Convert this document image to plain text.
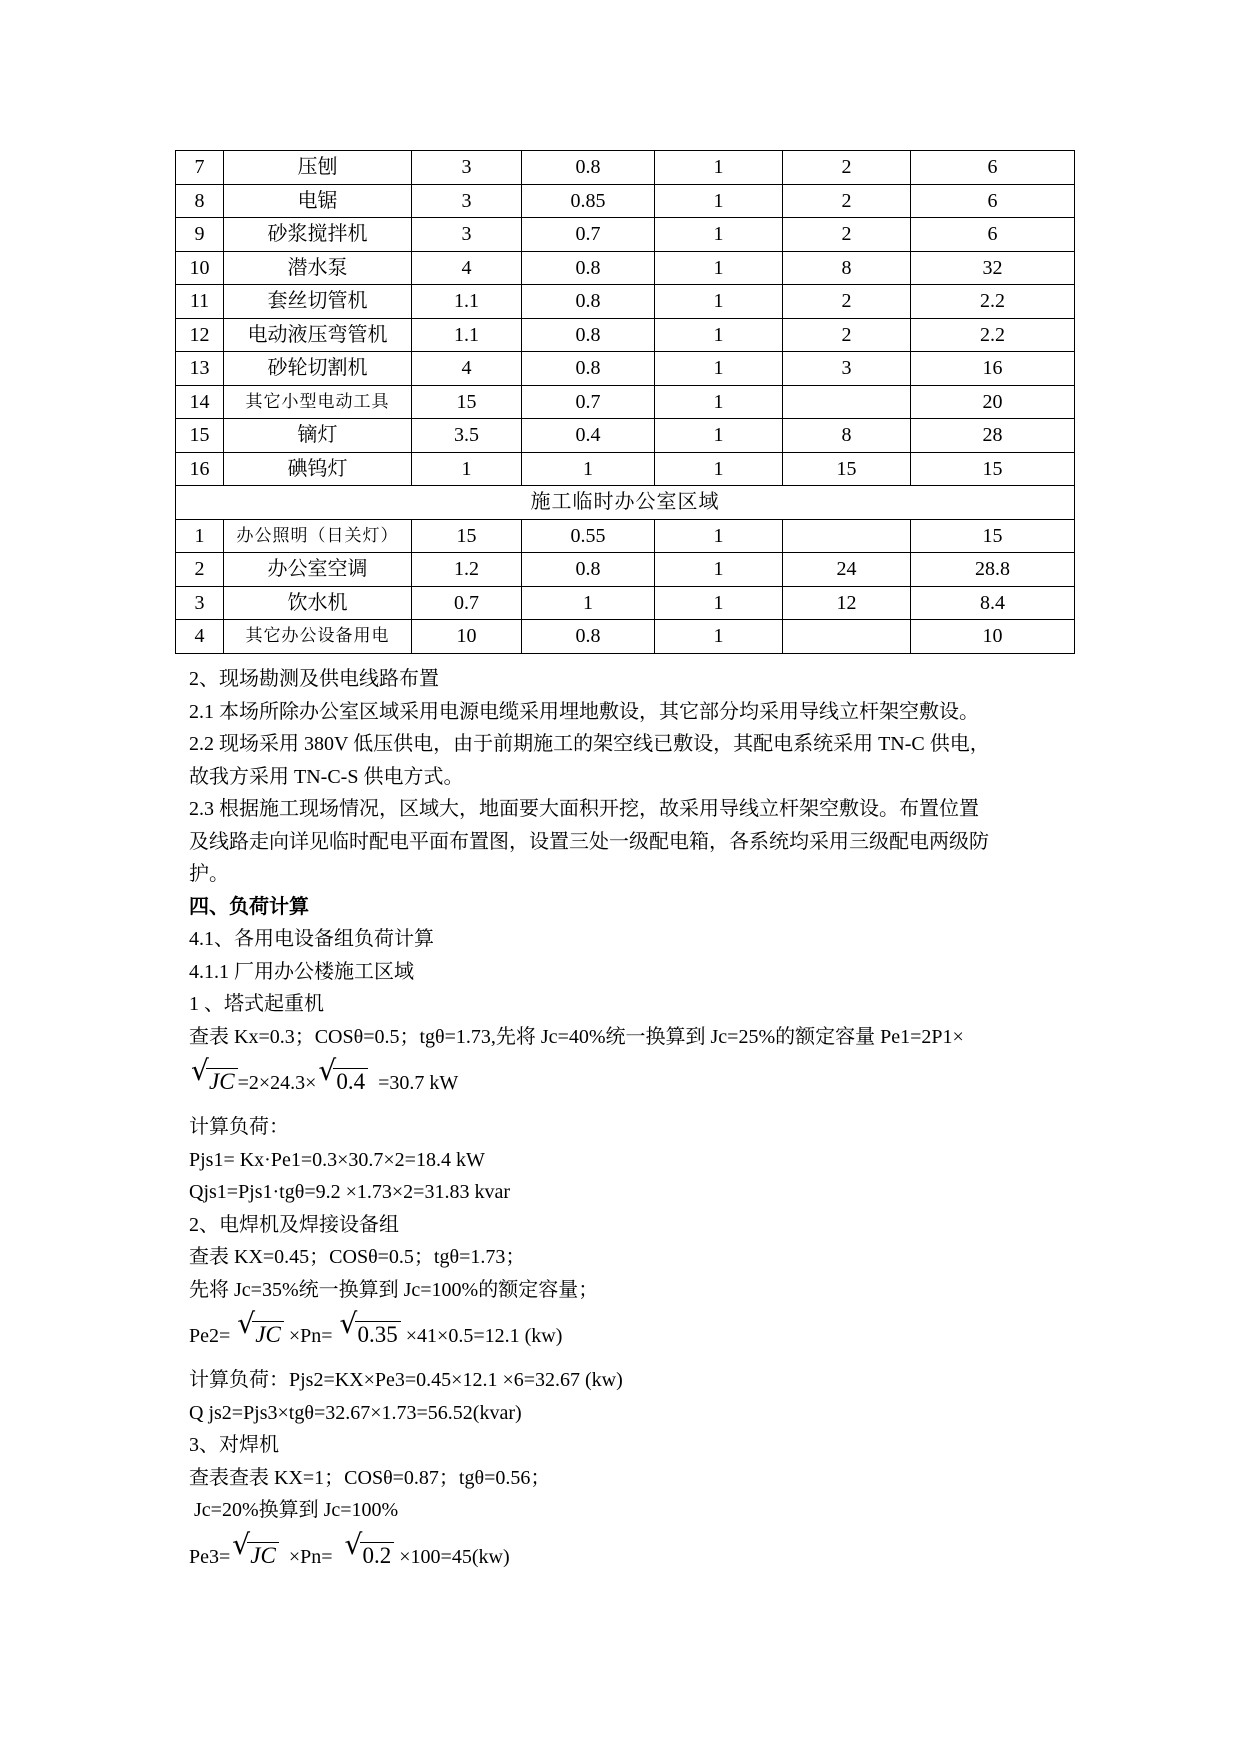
7	压刨	3	0.8	1	2	6
8	电锯	3	0.85	1	2	6
9	砂浆搅拌机	3	0.7	1	2	6
10	潜水泵	4	0.8	1	8	32
11	套丝切管机	1.1	0.8	1	2	2.2
12	电动液压弯管机	1.1	0.8	1	2	2.2
13	砂轮切割机	4	0.8	1	3	16
14	其它小型电动工具	15	0.7	1		20
15	镝灯	3.5	0.4	1	8	28
16	碘钨灯	1	1	1	15	15
施工临时办公室区域						
1	办公照明（日关灯）	15	0.55	1		15
2	办公室空调	1.2	0.8	1	24	28.8
3	饮水机	0.7	1	1	12	8.4
4	其它办公设备用电	10	0.8	1		10

2、现场勘测及供电线路布置

2.1 本场所除办公室区域采用电源电缆采用埋地敷设，其它部分均采用导线立杆架空敷设。

2.2 现场采用 380V 低压供电，由于前期施工的架空线已敷设，其配电系统采用 TN-C 供电，

故我方采用 TN-C-S 供电方式。

2.3 根据施工现场情况，区域大，地面要大面积开挖，故采用导线立杆架空敷设。布置位置

及线路走向详见临时配电平面布置图，设置三处一级配电箱，各系统均采用三级配电两级防

护。

四、负荷计算

4.1、各用电设备组负荷计算

4.1.1 厂用办公楼施工区域

1 、塔式起重机

查表 Kx=0.3；COSθ=0.5；tgθ=1.73,先将 Jc=40%统一换算到 Jc=25%的额定容量 Pe1=2P1×

√ JC =2×24.3× √ 0.4  =30.7 kW

计算负荷：

Pjs1= Kx·Pe1=0.3×30.7×2=18.4 kW

Qjs1=Pjs1·tgθ=9.2 ×1.73×2=31.83 kvar

2、电焊机及焊接设备组

查表 KX=0.45；COSθ=0.5；tgθ=1.73；

先将 Jc=35%统一换算到 Jc=100%的额定容量；

Pe2= √ JC ×Pn= √ 0.35 ×41×0.5=12.1 (kw)

计算负荷：Pjs2=KX×Pe3=0.45×12.1 ×6=32.67 (kw)

Q js2=Pjs3×tgθ=32.67×1.73=56.52(kvar)

3、对焊机

查表查表 KX=1；COSθ=0.87；tgθ=0.56；

Jc=20%换算到 Jc=100%

Pe3= √ JC  ×Pn= √ 0.2 ×100=45(kw)
